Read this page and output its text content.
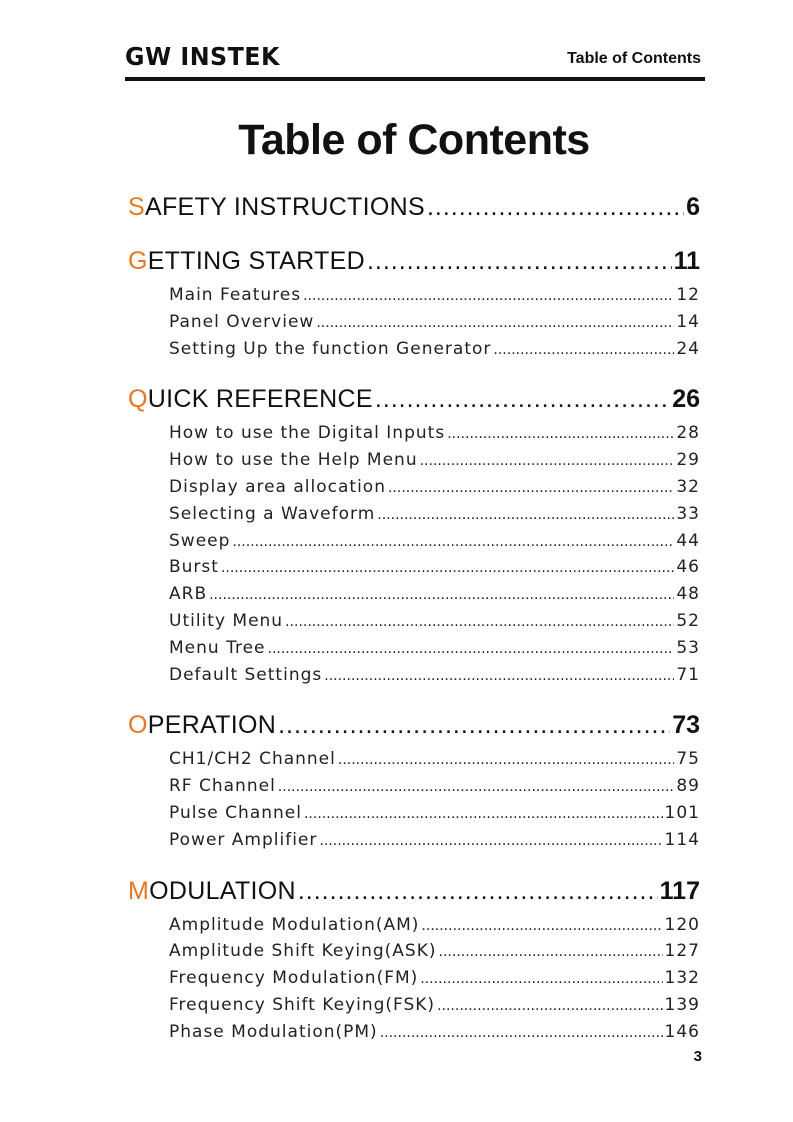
GW INSTEK	Table of Contents
Table of Contents
SAFETY INSTRUCTIONS .....	6
GETTING STARTED .....	11
Main Features .....	12
Panel Overview .....	14
Setting Up the function Generator .....	24
QUICK REFERENCE .....	26
How to use the Digital Inputs .....	28
How to use the Help Menu .....	29
Display area allocation .....	32
Selecting a Waveform .....	33
Sweep .....	44
Burst .....	46
ARB .....	48
Utility Menu .....	52
Menu Tree .....	53
Default Settings .....	71
OPERATION .....	73
CH1/CH2 Channel .....	75
RF Channel .....	89
Pulse Channel .....	101
Power Amplifier .....	114
MODULATION .....	117
Amplitude Modulation(AM) .....	120
Amplitude Shift Keying(ASK) .....	127
Frequency Modulation(FM) .....	132
Frequency Shift Keying(FSK) .....	139
Phase Modulation(PM) .....	146
3
